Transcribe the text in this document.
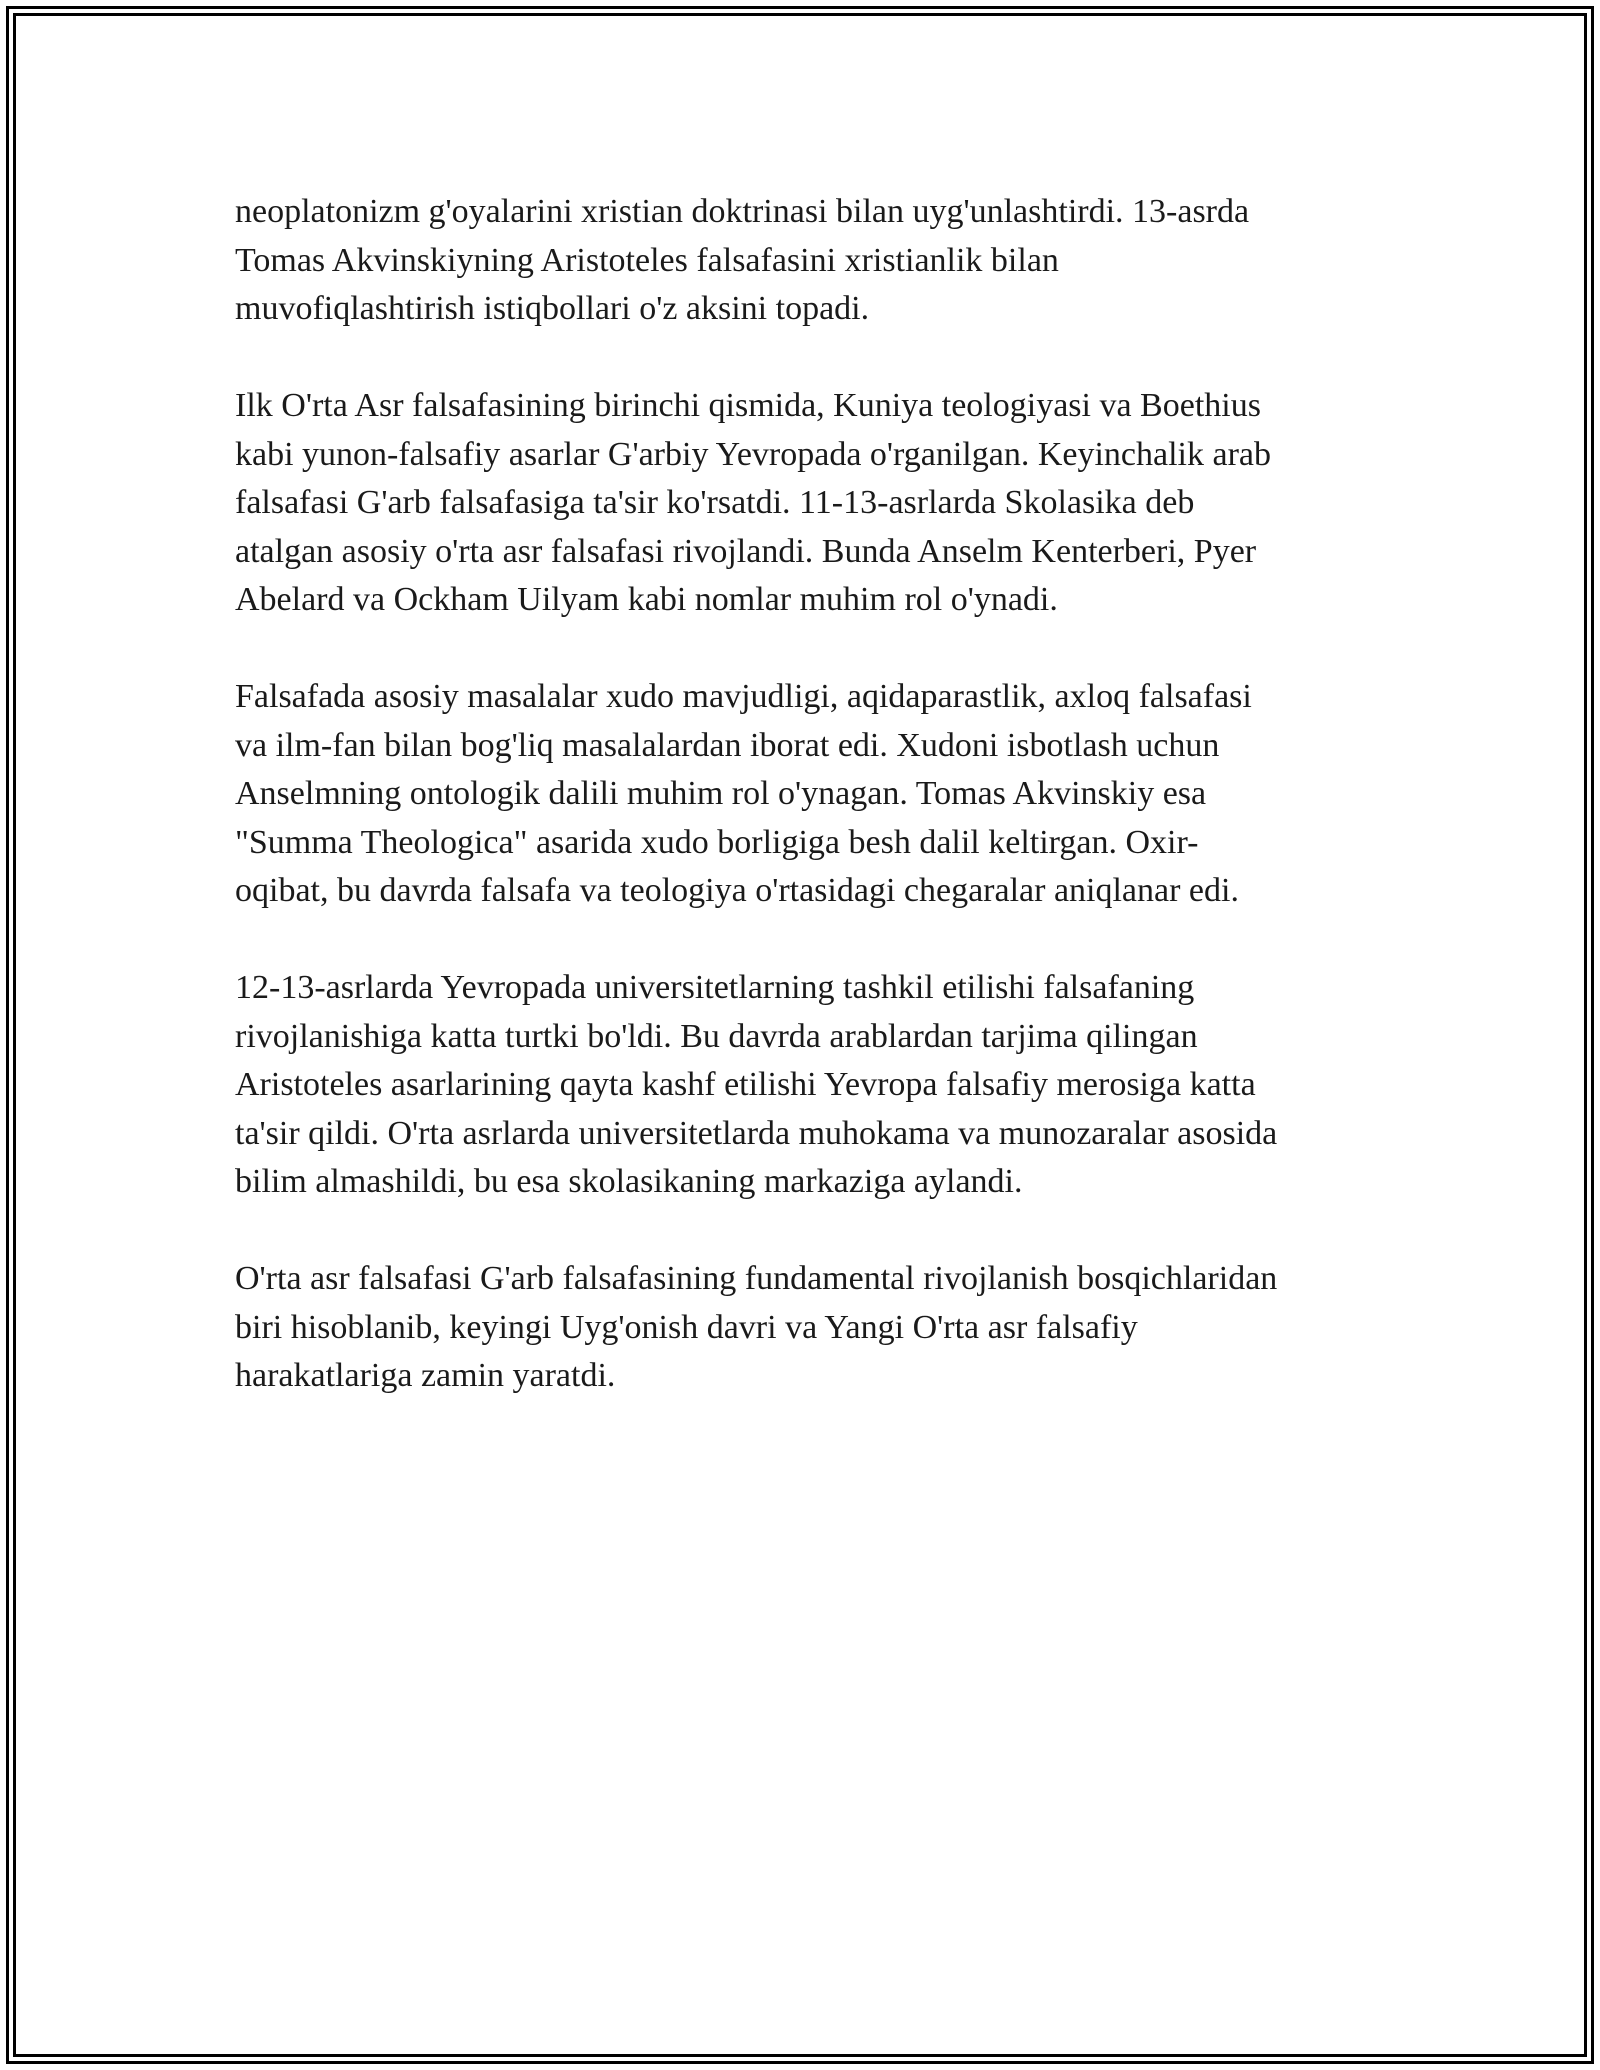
neoplatonizm g'oyalarini xristian doktrinasi bilan uyg'unlashtirdi. 13-asrda
Tomas Akvinskiyning Aristoteles falsafasini xristianlik bilan
muvofiqlashtirish istiqbollari o'z aksini topadi.

Ilk O'rta Asr falsafasining birinchi qismida, Kuniya teologiyasi va Boethius
kabi yunon-falsafiy asarlar G'arbiy Yevropada o'rganilgan. Keyinchalik arab
falsafasi G'arb falsafasiga ta'sir ko'rsatdi. 11-13-asrlarda Skolasika deb
atalgan asosiy o'rta asr falsafasi rivojlandi. Bunda Anselm Kenterberi, Pyer
Abelard va Ockham Uilyam kabi nomlar muhim rol o'ynadi.

Falsafada asosiy masalalar xudo mavjudligi, aqidaparastlik, axloq falsafasi
va ilm-fan bilan bog'liq masalalardan iborat edi. Xudoni isbotlash uchun
Anselmning ontologik dalili muhim rol o'ynagan. Tomas Akvinskiy esa
"Summa Theologica" asarida xudo borligiga besh dalil keltirgan. Oxir-
oqibat, bu davrda falsafa va teologiya o'rtasidagi chegaralar aniqlanar edi.

12-13-asrlarda Yevropada universitetlarning tashkil etilishi falsafaning
rivojlanishiga katta turtki bo'ldi. Bu davrda arablardan tarjima qilingan
Aristoteles asarlarining qayta kashf etilishi Yevropa falsafiy merosiga katta
ta'sir qildi. O'rta asrlarda universitetlarda muhokama va munozaralar asosida
bilim almashildi, bu esa skolasikaning markaziga aylandi.

O'rta asr falsafasi G'arb falsafasining fundamental rivojlanish bosqichlaridan
biri hisoblanib, keyingi Uyg'onish davri va Yangi O'rta asr falsafiy
harakatlariga zamin yaratdi.
